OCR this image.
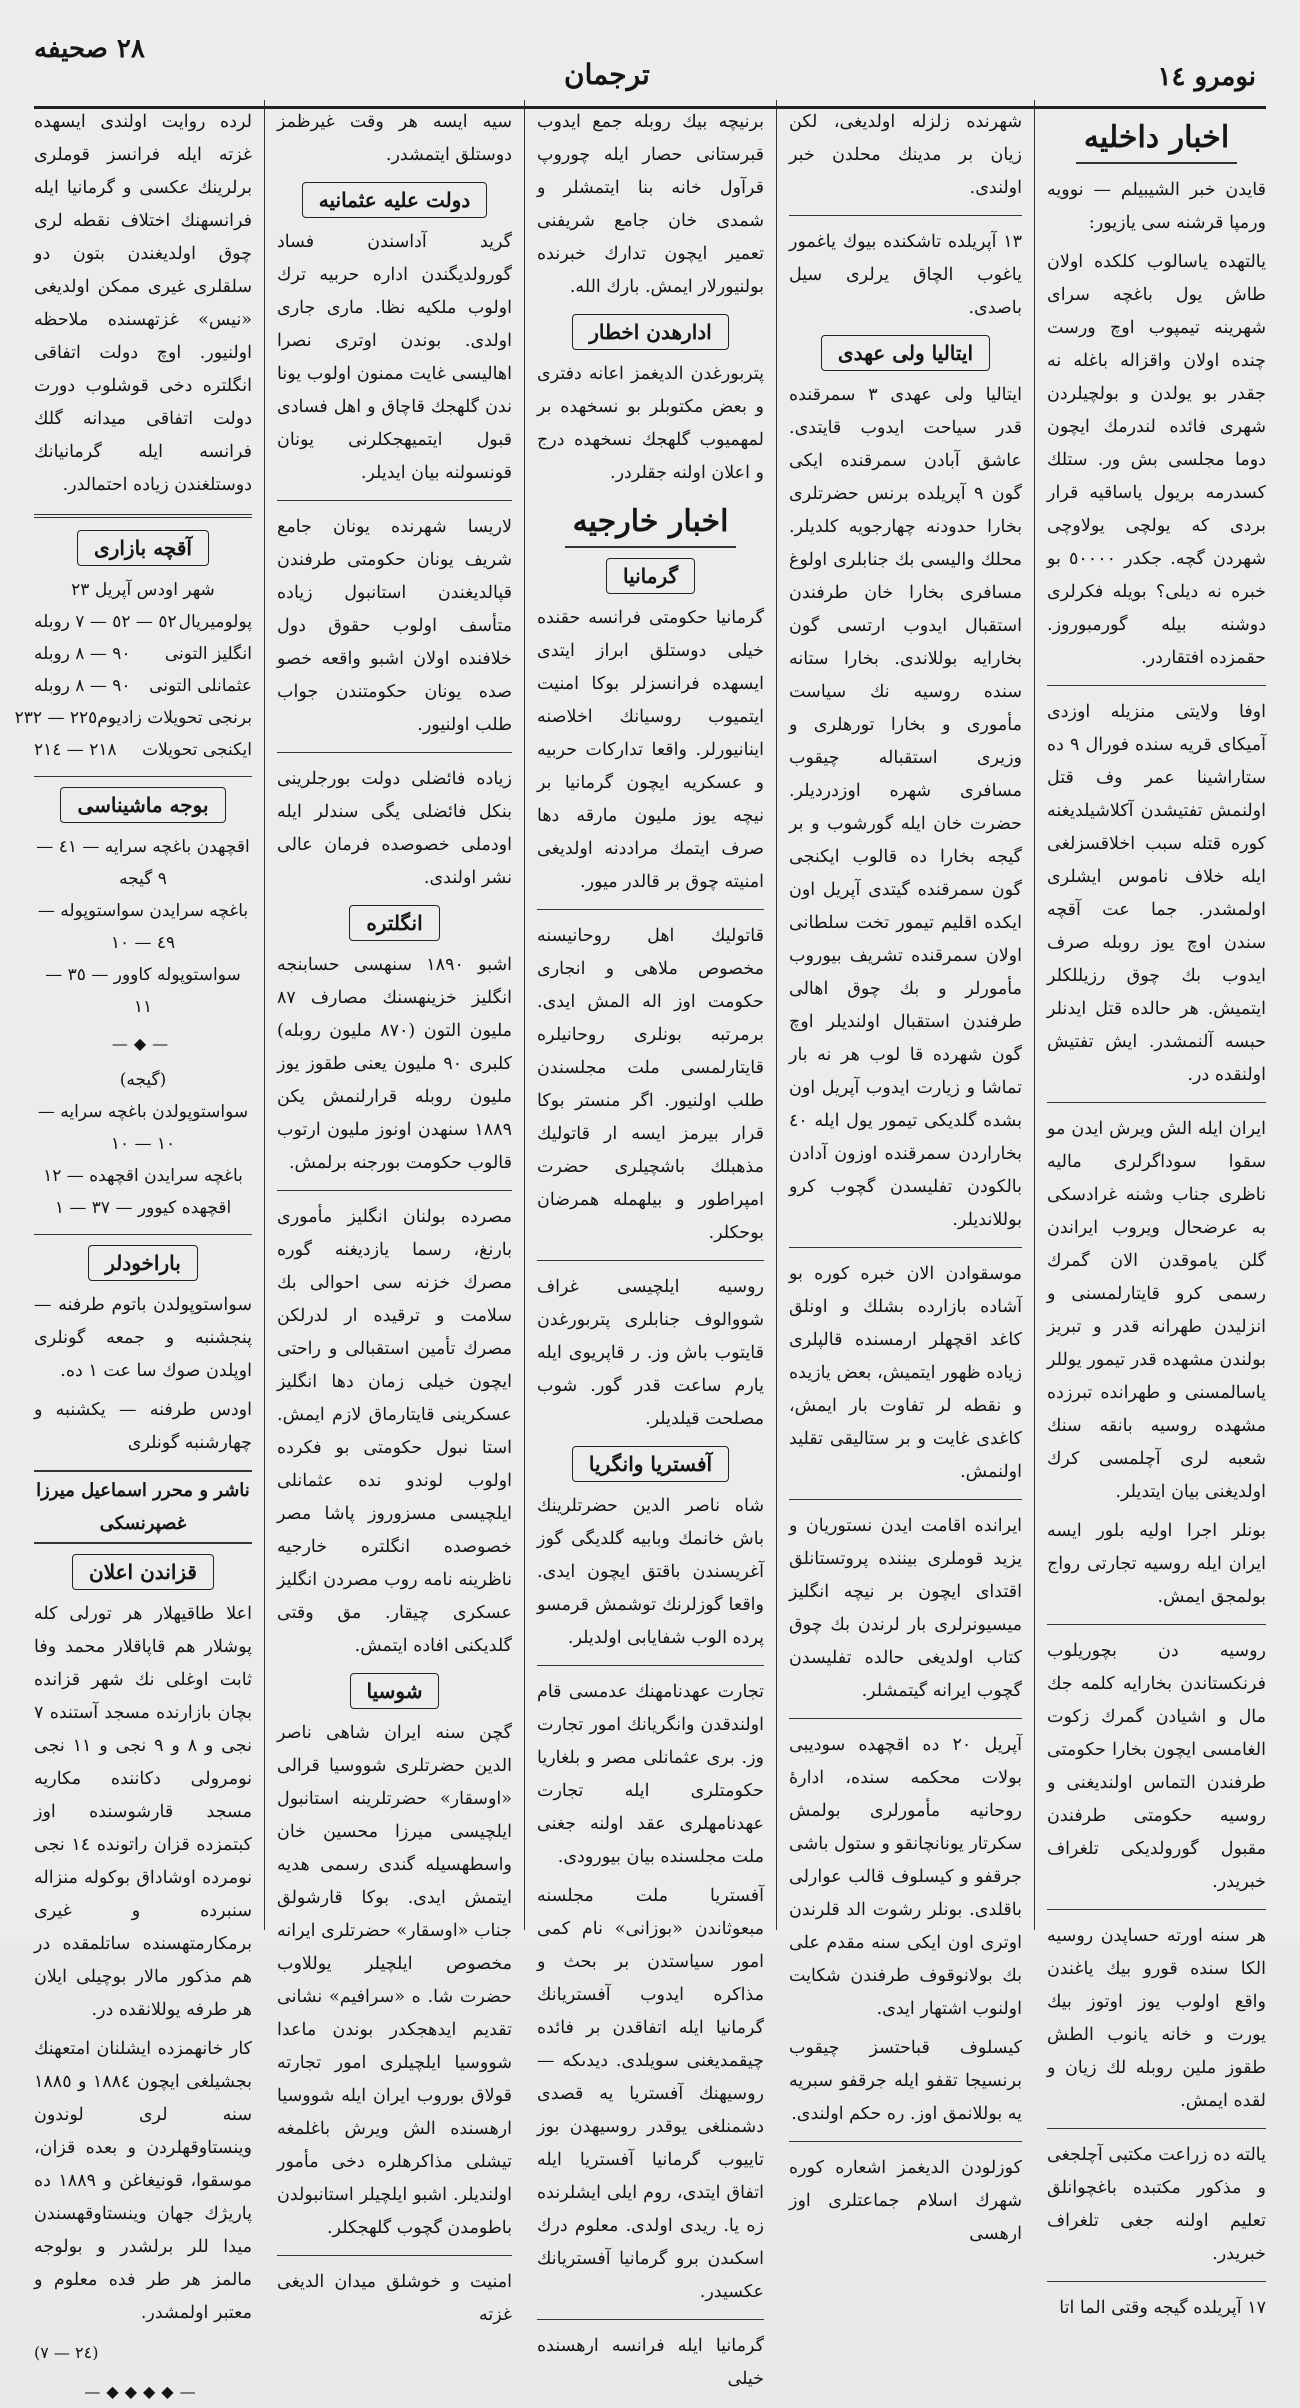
٢٨ صحيفه
ترجمان	نومرو ١٤
اخبار داخليه

قايدن خبر الشيبيلم — نوويه ورمپا قرشنه سى يازيور:

يالتهده ياسالوب كلكده اولان طاش يول باغچه سراى شهرينه تيمپوب اوچ ورست چنده اولان واقزاله باغله نه جقدر بو يولدن و بولچيلردن شهرى فائده لندرمك ايچون دوما مجلسى بش ور. ستلك كسدرمه بريول ياساقيه قرار بردى كه يولچى يولاوچى شهردن گچه. جكدر ٥٠٠٠٠ بو خبره نه ديلى؟ بويله فكرلرى دوشنه بيله گورمبوروز. حقمزده افتقاردر.

اوفا ولايتى منزيله اوزدى آميكاى قريه سنده فورال ٩ ده ستاراشينا عمر وف قتل اولنمش تفتيشدن آكلاشيلديغنه كوره قتله سبب اخلاقسزلغى ايله خلاف ناموس ايشلرى اولمشدر. جما عت آقچه سندن اوچ يوز روبله صرف ايدوب بك چوق رزيللكلر ايتميش. هر حالده قتل ايدنلر حبسه آلنمشدر. ايش تفتيش اولنقده در.

ايران ايله الش ويرش ايدن مو سقوا سوداگرلرى ماليه ناظرى جناب وشنه غرادسكى به عرضحال ويروب ايراندن گلن ياموقدن الان گمرك رسمى كرو قايتارلمسنى و انزليدن طهرانه قدر و تبريز بولندن مشهده قدر تيمور يوللر ياسالمسنى و طهرانده تبرزده مشهده روسيه بانقه سنك شعبه لرى آچلمسى كرك اولديغنى بيان ايتديلر.

بونلر اجرا اوليه بلور ايسه ايران ايله روسيه تجارتى رواج بولمجق ايمش.

روسيه دن بچوريلوب فرنكستاندن بخارايه كلمه جك مال و اشيادن گمرك زكوت الغامسى ايچون بخارا حكومتى طرفندن التماس اولنديغنى و روسيه حكومتى طرفندن مقبول گورولديكى تلغراف خبريدر.

هر سنه اورته حساپدن روسيه الكا سنده قورو بيك ياغندن واقع اولوب يوز اوتوز بيك يورت و خانه يانوب الطش طقوز ملين روبله لك زيان و لقده ايمش.

يالته ده زراعت مكتبى آچلجغى و مذكور مكتبده باغچوانلق تعليم اولنه جغى تلغراف خبريدر.

١٧ آپريلده گيجه وقتى الما اتا

شهرنده زلزله اولديغى، لكن زيان بر مدينك محلدن خبر اولندى.

١٣ آپريلده تاشكنده بيوك ياغمور ياغوب الچاق يرلرى سيل باصدى.

ايتاليا ولى عهدى

ايتاليا ولى عهدى ٣ سمرقنده قدر سياحت ايدوب قايتدى. عاشق آبادن سمرقنده ايكى گون ٩ آپريلده برنس حضرتلرى بخارا حدودنه چهارجويه كلديلر. محلك واليسى بك جنابلرى اولوغ مسافرى بخارا خان طرفندن استقبال ايدوب ارتسى گون بخارايه بوللاندى. بخارا ستانه سنده روسيه نك سياست مأمورى و بخارا تورهلرى و وزيرى استقباله چيقوب مسافرى شهره اوزدرديلر. حضرت خان ايله گورشوب و بر گيجه بخارا ده قالوب ايكنجى گون سمرقنده گيتدى آپريل اون ايكده اقليم تيمور تخت سلطانى اولان سمرقنده تشريف بيوروب مأمورلر و بك چوق اهالى طرفندن استقبال اولنديلر اوچ گون شهرده قا لوب هر نه بار تماشا و زيارت ايدوب آپريل اون بشده گلديكى تيمور يول ايله ٤٠ بخاراردن سمرقنده اوزون آدادن بالكودن تفليسدن گچوب كرو بوللانديلر.

موسقوادن الان خبره كوره بو آشاده بازارده بشلك و اونلق كاغد اقچهلر ارمسنده قالپلرى زياده ظهور ايتميش، بعض يازيده و نقطه لر تفاوت بار ايمش، كاغدى غايت و بر ستاليقى تقليد اولنمش.

ايرانده اقامت ايدن نستوريان و يزيد قوملرى بيننده پروتستانلق اقتداى ايچون بر نيچه انگليز ميسيونرلرى بار لرندن بك چوق كتاب اولديغى حالده تفليسدن گچوب ايرانه گيتمشلر.

آپريل ٢٠ ده اقچهده سوديبى بولات محكمه سنده، ادارهٔ روحانيه مأمورلرى بولمش سكرتار يونانچانقو و ستول باشى جرقفو و كيسلوف قالب عوارلى باقلدى. بونلر رشوت الد قلرندن اوترى اون ايكى سنه مقدم على بك بولانوقوف طرفندن شكايت اولنوب اشتهار ايدى.

كيسلوف قباحتسز چيقوب برنسيجا تقفو ايله جرقفو سبريه يه بوللانمق اوز. ره حكم اولندى.

كوزلودن الديغمز اشعاره كوره شهرك اسلام جماعتلرى اوز ارهسى

برنيچه بيك روبله جمع ايدوب قبرستانى حصار ايله چوروپ قرآول خانه بنا ايتمشلر و شمدى خان جامع شريفنى تعمير ايچون تدارك خبرنده بولنيورلار ايمش. بارك الله.

ادارهدن اخطار

پتربورغدن الديغمز اعانه دفترى و بعض مكتوبلر بو نسخهده بر لمهميوب گلهجك نسخهده درج و اعلان اولنه جقلردر.

اخبار خارجيه
گرمانيا

گرمانيا حكومتى فرانسه حقنده خيلى دوستلق ابراز ايتدى ايسهده فرانسزلر بوكا امنيت ايتميوب روسيانك اخلاصنه اينانيورلر. واقعا تداركات حربيه و عسكريه ايچون گرمانيا بر نيچه يوز مليون مارقه دها صرف ايتمك مراددنه اولديغى امنيته چوق بر قالدر ميور.

قاتوليك اهل روحانيسنه مخصوص ملاهى و انجارى حكومت اوز اله المش ايدى. برمرتبه بونلرى روحانيلره قايتارلمسى ملت مجلسندن طلب اولنيور. اگر منستر بوكا قرار بيرمز ايسه ار قاتوليك مذهبلك باشچيلرى حضرت امپراطور و بيلهمله همرضان بوحكلر.

روسيه ايلچيسى غراف شووالوف جنابلرى پتربورغدن قايتوب باش وز. ر قاپريوى ايله يارم ساعت قدر گور. شوب مصلحت قيلديلر.

آفستريا وانگريا

شاه ناصر الدين حضرتلرينك باش خانمك وبابيه گلديگى گوز آغريسندن باقتق ايچون ايدى. واقعا گوزلرنك توشمش قرمسو پرده الوب شفايابى اولديلر.

تجارت عهدنامهنك عدمسى قام اولندقدن وانگريانك امور تجارت وز. برى عثمانلى مصر و بلغاريا حكومتلرى ايله تجارت عهدنامهلرى عقد اولنه جغنى ملت مجلسنده بيان بيورودى.

آفستريا ملت مجلسنه مبعوثاندن «بوزانى» نام كمى امور سياستدن بر بحث و مذاكره ايدوب آفستريانك گرمانيا ايله اتفاقدن بر فائده چيقمديغنى سويلدى. ديدىكه — روسيهنك آفستريا يه قصدى دشمنلغى يوقدر روسيهدن بوز تاييوب گرمانيا آفستريا ايله اتفاق ايتدى، روم ايلى ايشلرنده زه يا. ريدى اولدى. معلوم درك اسكىدن برو گرمانيا آفستريانك عكسيدر.

گرمانيا ايله فرانسه ارهسنده خيلى

سيه ايسه هر وقت غيرظمز دوستلق ايتمشدر.

دولت عليه عثمانيه

گريد آداسندن فساد گورولديگندن اداره حربيه ترك اولوب ملكيه نظا. مارى جارى اولدى. بوندن اوترى نصرا اهاليسى غايت ممنون اولوب يونا ندن گلهجك قاچاق و اهل فسادى قبول ايتميهجكلرنى يونان قونسولنه بيان ايديلر.

لاريسا شهرنده يونان جامع شريف يونان حكومتى طرفندن قپالديغندن استانبول زياده متأسف اولوب حقوق دول خلافنده اولان اشبو واقعه خصو صده يونان حكومتندن جواب طلب اولنيور.

زياده فائضلى دولت بورجلرينى بنكل فائضلى يگى سندلر ايله اودملى خصوصده فرمان عالى نشر اولندى.

انگلتره

اشبو ١٨٩٠ سنهسى حسابنجه انگليز خزينهسنك مصارف ٨٧ مليون التون (٨٧٠ مليون روبله) كلبرى ٩٠ مليون يعنى طقوز يوز مليون روبله قرارلنمش يكن ١٨٨٩ سنهدن اونوز مليون ارتوب قالوب حكومت بورجنه برلمش.

مصرده بولنان انگليز مأمورى بارنغ، رسما يازديغنه گوره مصرك خزنه سى احوالى بك سلامت و ترقيده ار لدرلكن مصرك تأمين استقبالى و راحتى ايچون خيلى زمان دها انگليز عسكرينى قايتارماق لازم ايمش. استا نبول حكومتى بو فكرده اولوب لوندو نده عثمانلى ايلچيسى مسزوروز پاشا مصر خصوصده انگلتره خارجيه ناظرينه نامه روب مصردن انگليز عسكرى چيقار. مق وقتى گلديكنى افاده ايتمش.

شوسيا

گچن سنه ايران شاهى ناصر الدين حضرتلرى شووسيا قرالى «اوسقار» حضرتلرينه استانبول ايلچيسى ميرزا محسين خان واسطهسيله گندى رسمى هديه ايتمش ايدى. بوكا قارشولق جناب «اوسقار» حضرتلرى ايرانه مخصوص ايلچيلر يوللاوب حضرت شا. ه «سرافيم» نشانى تقديم ايدهجكدر بوندن ماعدا شووسيا ايلچيلرى امور تجارته قولاق بوروب ايران ايله شووسيا ارهسنده الش ويرش باغلمغه تيشلى مذاكرهلره دخى مأمور اولنديلر. اشبو ايلچيلر استانبولدن باطومدن گچوب گلهجكلر.

امنيت و خوشلق ميدان الديغى غزته

لرده روايت اولندى ايسهده غزته ايله فرانسز قوملرى برلرينك عكسى و گرمانيا ايله فرانسهنك اختلاف نقطه لرى چوق اولديغندن بتون دو سلقلرى غيرى ممكن اولديغى «نيس» غزتهسنده ملاحظه اولنيور. اوچ دولت اتفاقى انگلتره دخى قوشلوب دورت دولت اتفاقى ميدانه گلك فرانسه ايله گرمانيانك دوستلغندن زياده احتمالدر.

آقچه بازارى
شهر اودس آپريل ٢٣
پولوميريال
٥٢ — ٥٢ — ٧ روبله
انگليز التونى
٩٠ — ٨ روبله
عثمانلى التونى
٩٠ — ٨ روبله
برنجى تحويلات زاديوم
٢٢٥ — ٢٣٢
ايكنجى تحويلات
٢١٨ — ٢١٤
بوجه ماشيناسى
اقچهدن باغچه سرايه — ٤١ — ٩ گيجه
باغچه سرايدن سواستوپوله — ٤٩ — ١٠
سواستوپوله كاوور — ٣٥ — ١١
—◆—
(گيجه)
سواستوپولدن باغچه سرايه — ١٠ — ١٠
باغچه سرايدن اقچهده — ١٢
اقچهده كيوور — ٣٧ — ١
باراخودلر

سواستوپولدن باتوم طرفنه — پنجشنبه و جمعه گونلرى اوپلدن صوك سا عت ١ ده.

اودس طرفنه — يكشنبه و چهارشنبه گونلرى

ناشر و محرر اسماعيل ميرزا غصپرنسكى
قزاندن اعلان

اعلا طاقيهلار هر تورلى كله پوشلار هم قاپاقلار محمد وفا ثابت اوغلى نك شهر قزانده بچان بازارنده مسجد آستنده ٧ نجى و ٨ و ٩ نجى و ١١ نجى نومرولى دكاننده مكاريه مسجد قارشوسنده اوز كبتمزده قزان راتونده ١٤ نجى نومرده اوشاداق بوكوله منزاله سنبرده و غيرى برمكارمتهسنده ساتلمقده در هم مذكور مالار بوچيلى ايلان هر طرفه يوللانقده در.

كار خانهمزده ايشلنان امتعهنك بجشيلغى ايچون ١٨٨٤ و ١٨٨٥ سنه لرى لوندون وينستاوقهلردن و بعده قزان، موسقوا، قونيغاغن و ١٨٨٩ ده پاريژك جهان وينستاوقهسندن ميدا للر برلشدر و بولوجه مالمز هر طر فده معلوم و معتبر اولمشدر.

(٢٤ — ٧)
—◆◆◆◆—
